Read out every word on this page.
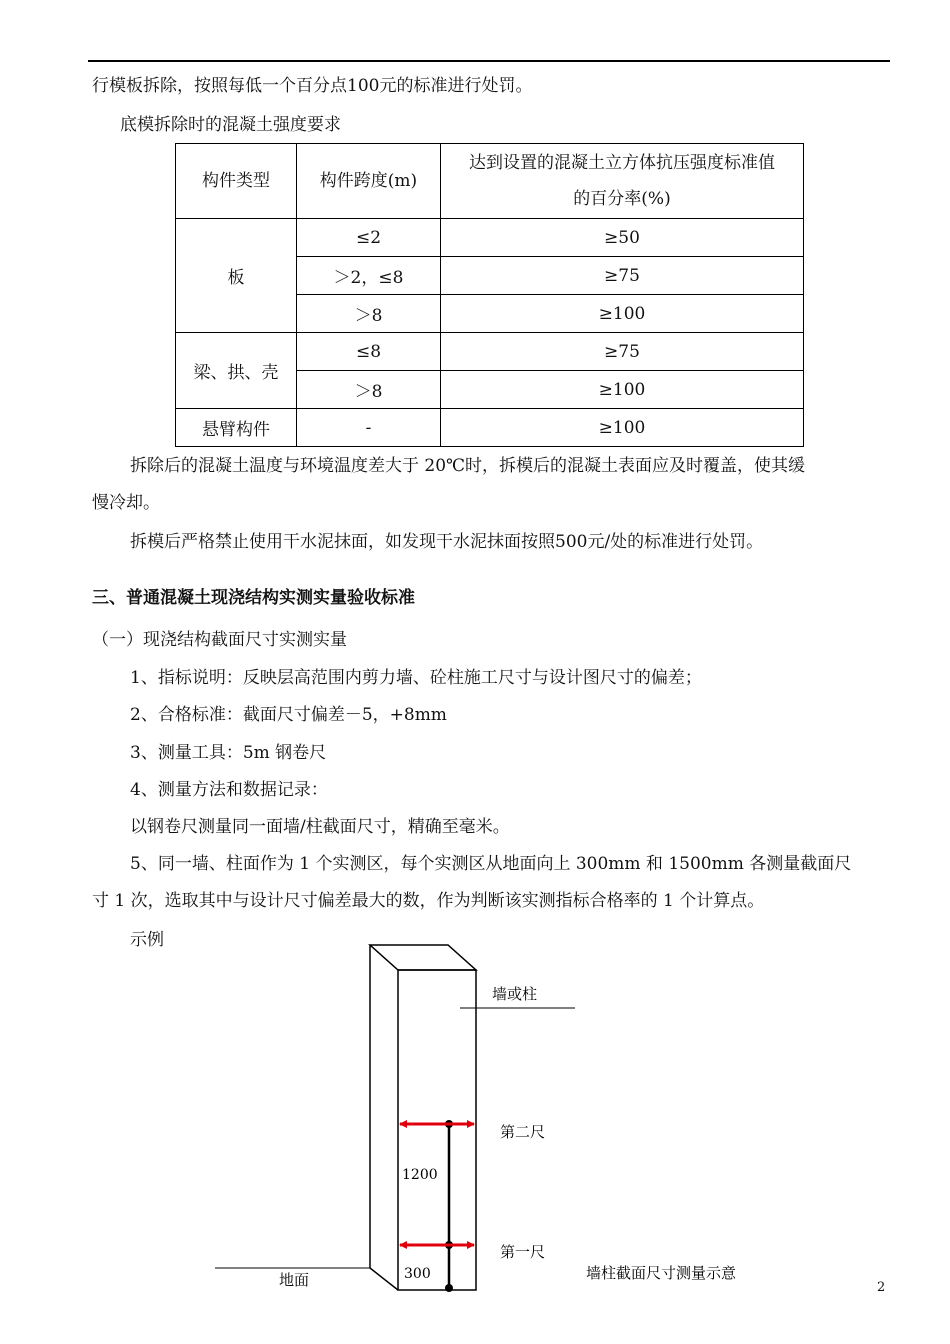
行模板拆除，按照每低一个百分点100元的标准进行处罚。
底模拆除时的混凝土强度要求
构件类型	构件跨度(m)	达到设置的混凝土立方体抗压强度标准值
的百分率(%)

板	≤2	≥50
	＞2，≤8	≥75
	＞8	≥100
梁、拱、壳	≤8	≥75
	＞8	≥100
悬臂构件	-	≥100
拆除后的混凝土温度与环境温度差大于 20℃时，拆模后的混凝土表面应及时覆盖，使其缓
慢冷却。
拆模后严格禁止使用干水泥抹面，如发现干水泥抹面按照500元/处的标准进行处罚。
三、普通混凝土现浇结构实测实量验收标准
（一）现浇结构截面尺寸实测实量
1、指标说明：反映层高范围内剪力墙、砼柱施工尺寸与设计图尺寸的偏差；
2、合格标准：截面尺寸偏差－5，+8mm
3、测量工具：5m 钢卷尺
4、测量方法和数据记录：
以钢卷尺测量同一面墙/柱截面尺寸，精确至毫米。
5、同一墙、柱面作为 1 个实测区，每个实测区从地面向上 300mm 和 1500mm 各测量截面尺
寸 1 次，选取其中与设计尺寸偏差最大的数，作为判断该实测指标合格率的 1 个计算点。
示例
墙或柱
地面
第二尺
第一尺
1200
300	墙柱截面尺寸测量示意
2
